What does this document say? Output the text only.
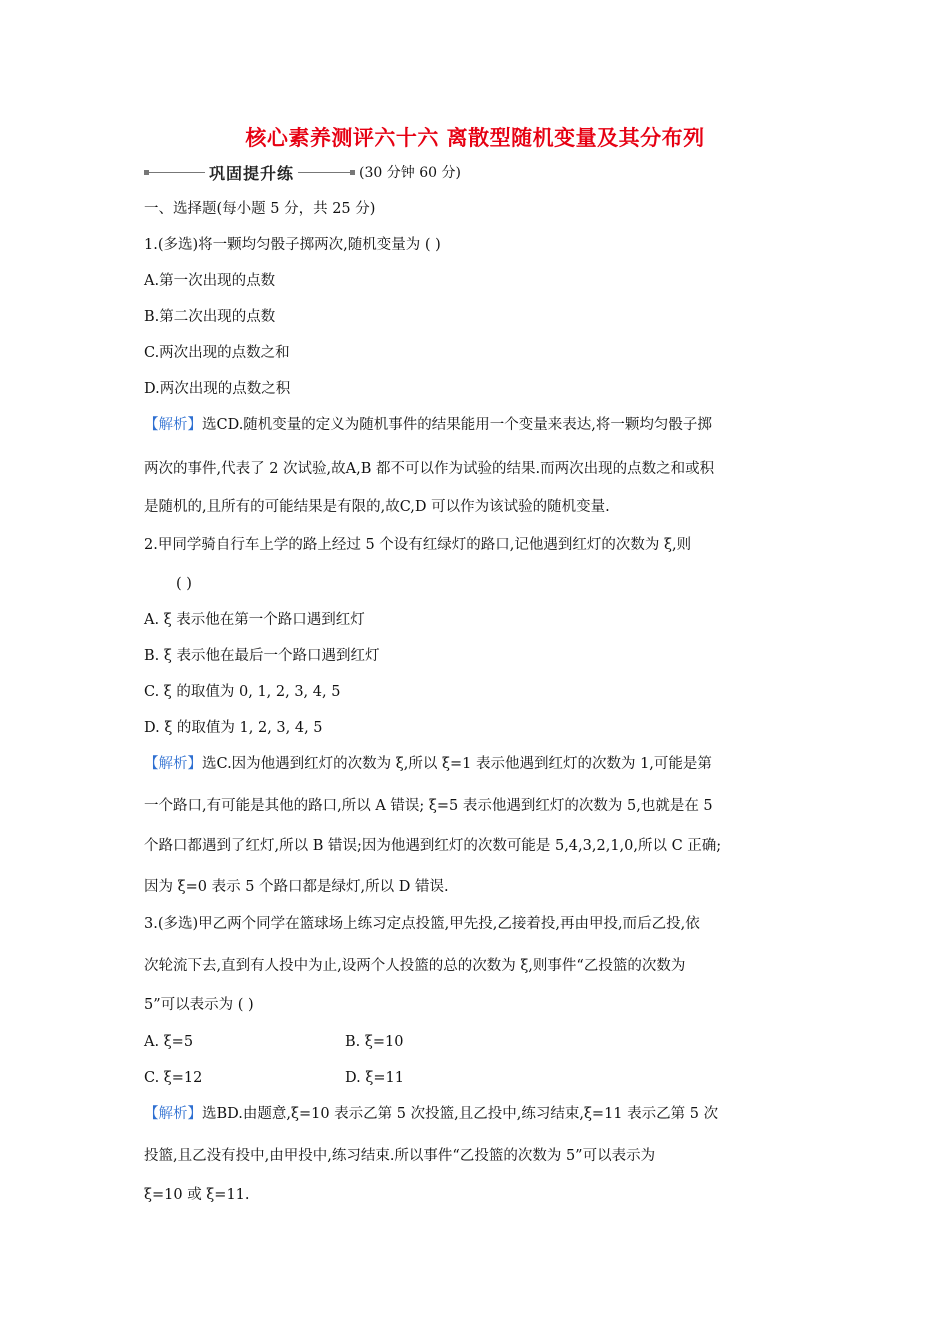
核心素养测评六十六 离散型随机变量及其分布列
巩固提升练	(30 分钟 60 分)
一、选择题(每小题 5 分，共 25 分)
1.(多选)将一颗均匀骰子掷两次,随机变量为 ( )
A.第一次出现的点数
B.第二次出现的点数
C.两次出现的点数之和
D.两次出现的点数之积
【解析】选CD.随机变量的定义为随机事件的结果能用一个变量来表达,将一颗均匀骰子掷
两次的事件,代表了 2 次试验,故A,B 都不可以作为试验的结果.而两次出现的点数之和或积
是随机的,且所有的可能结果是有限的,故C,D 可以作为该试验的随机变量.
2.甲同学骑自行车上学的路上经过 5 个设有红绿灯的路口,记他遇到红灯的次数为 ξ,则
( )
A. ξ 表示他在第一个路口遇到红灯
B. ξ 表示他在最后一个路口遇到红灯
C. ξ 的取值为 0, 1, 2, 3, 4, 5
D. ξ 的取值为 1, 2, 3, 4, 5
【解析】选C.因为他遇到红灯的次数为 ξ,所以 ξ=1 表示他遇到红灯的次数为 1,可能是第
一个路口,有可能是其他的路口,所以 A 错误; ξ=5 表示他遇到红灯的次数为 5,也就是在 5
个路口都遇到了红灯,所以 B 错误;因为他遇到红灯的次数可能是 5,4,3,2,1,0,所以 C 正确;
因为 ξ=0 表示 5 个路口都是绿灯,所以 D 错误.
3.(多选)甲乙两个同学在篮球场上练习定点投篮,甲先投,乙接着投,再由甲投,而后乙投,依
次轮流下去,直到有人投中为止,设两个人投篮的总的次数为 ξ,则事件“乙投篮的次数为
5”可以表示为 ( )
A. ξ=5	B. ξ=10
C. ξ=12	D. ξ=11
【解析】选BD.由题意,ξ=10 表示乙第 5 次投篮,且乙投中,练习结束,ξ=11 表示乙第 5 次
投篮,且乙没有投中,由甲投中,练习结束.所以事件“乙投篮的次数为 5”可以表示为
ξ=10 或 ξ=11.
